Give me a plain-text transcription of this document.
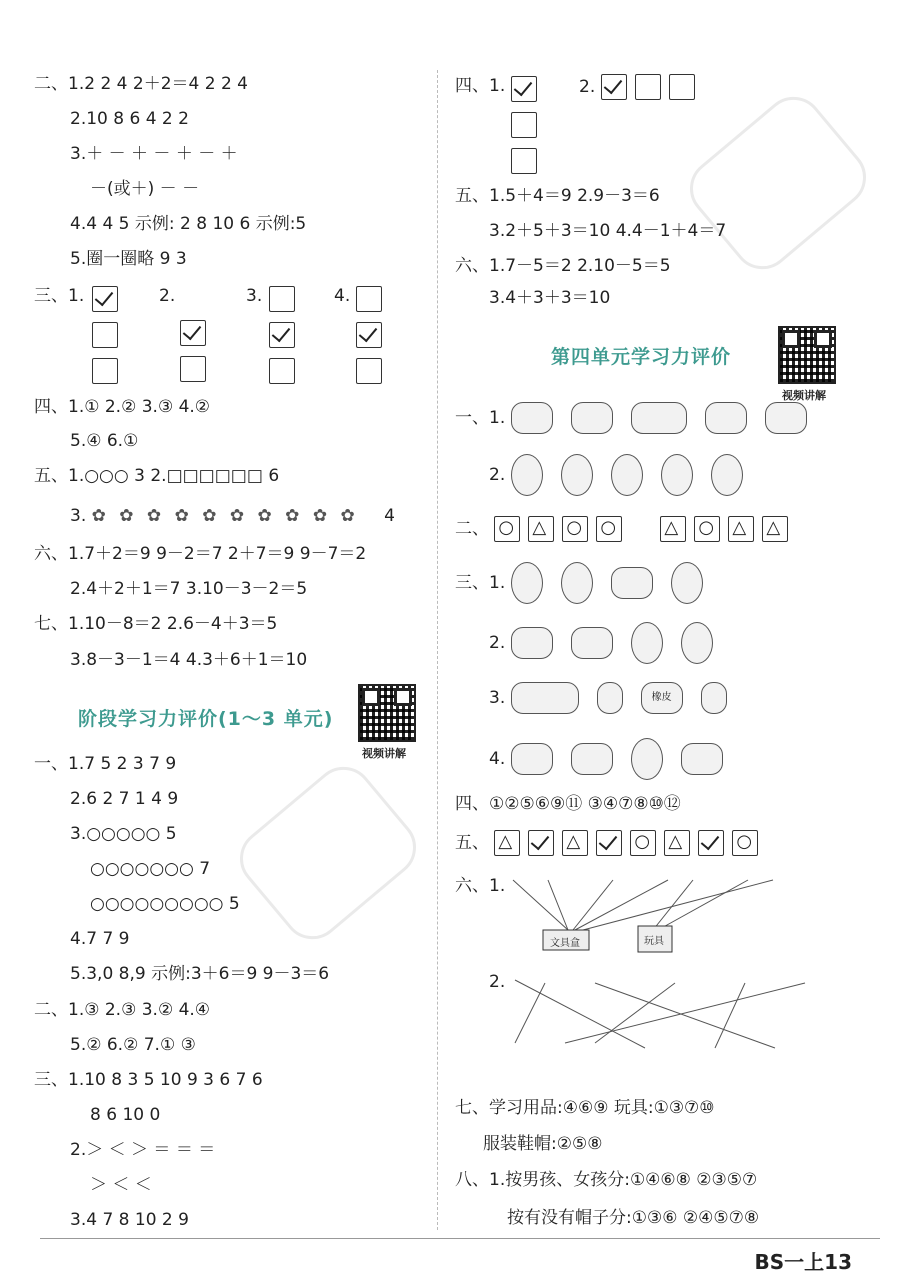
二、1.2 2 4 2＋2＝4 2 2 4
2.10 8 6 4 2 2
3.＋ － ＋ － ＋ － ＋
－(或＋) － －
4.4 4 5 示例: 2 8 10 6 示例:5
5.圈一圈略 9 3
三、1.	2.	3.	4.

四、1.① 2.② 3.③ 4.②
5.④ 6.①
五、1.○○○ 3 2.□□□□□□ 6
3. ✿ ✿ ✿ ✿ ✿ ✿ ✿ ✿ ✿ ✿ 4
六、1.7＋2＝9 9－2＝7 2＋7＝9 9－7＝2
2.4＋2＋1＝7 3.10－3－2＝5
七、1.10－8＝2 2.6－4＋3＝5
3.8－3－1＝4 4.3＋6＋1＝10
阶段学习力评价(1～3 单元)
视频讲解
一、1.7 5 2 3 7 9
2.6 2 7 1 4 9
3.○○○○○ 5
○○○○○○○ 7
○○○○○○○○○ 5
4.7 7 9
5.3,0 8,9 示例:3＋6＝9 9－3＝6
二、1.③ 2.③ 3.② 4.④
5.② 6.② 7.① ③
三、1.10 8 3 5 10 9 3 6 7 6
8 6 10 0
2.＞ ＜ ＞ ＝ ＝ ＝
＞ ＜ ＜
3.4 7 8 10 2 9
四、1.	2.
五、1.5＋4＝9 2.9－3＝6
3.2＋5＋3＝10 4.4－1＋4＝7
六、1.7－5＝2 2.10－5＝5
3.4＋3＋3＝10
第四单元学习力评价
视频讲解
一、1.
2.
二、 ○△○○△○△△
三、1.
2.
3.	橡皮
4.
四、①②⑤⑥⑨⑪ ③④⑦⑧⑩⑫
五、 △△○△○
六、1.
文具盒	玩具
2.
七、学习用品:④⑥⑨ 玩具:①③⑦⑩
服装鞋帽:②⑤⑧
八、1.按男孩、女孩分:①④⑥⑧ ②③⑤⑦
按有没有帽子分:①③⑥ ②④⑤⑦⑧
BS一上13
